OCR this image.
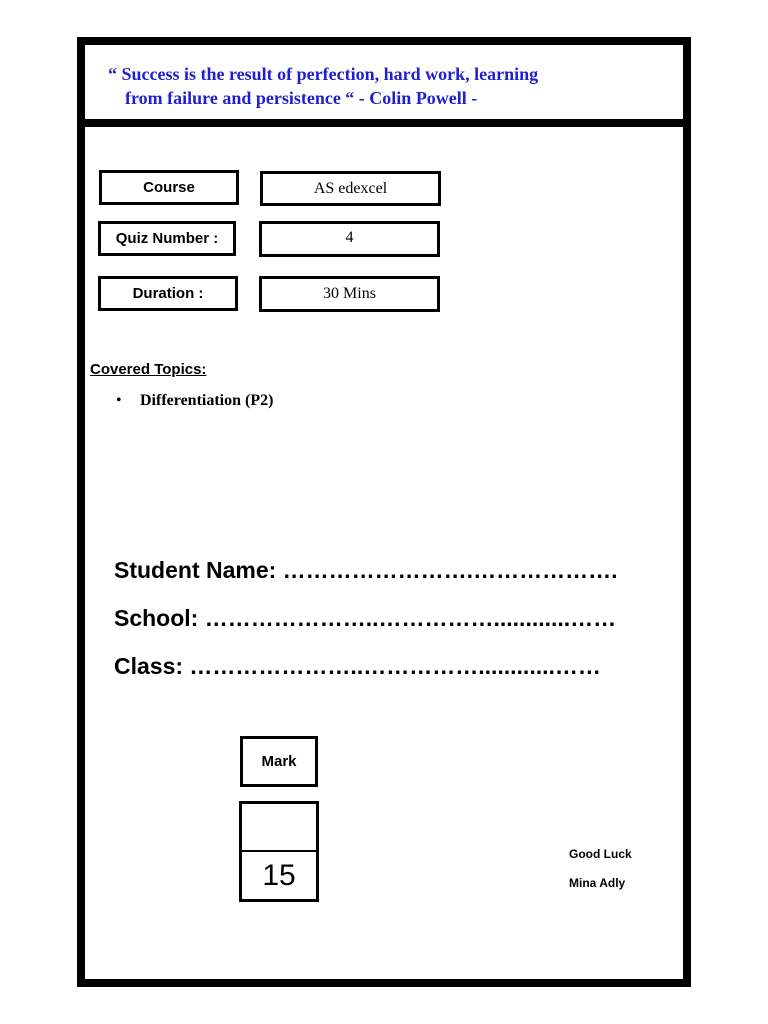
“ Success is the result of perfection, hard work, learning
from failure and persistence “ - Colin Powell -
Course	AS edexcel
Quiz Number :	4
Duration :	30 Mins
Covered Topics:
• Differentiation (P2)
Student Name: …………………….……………….
School: …………………..……………............……
Class: …………………..……………............……
Mark
15
Good Luck
Mina Adly
